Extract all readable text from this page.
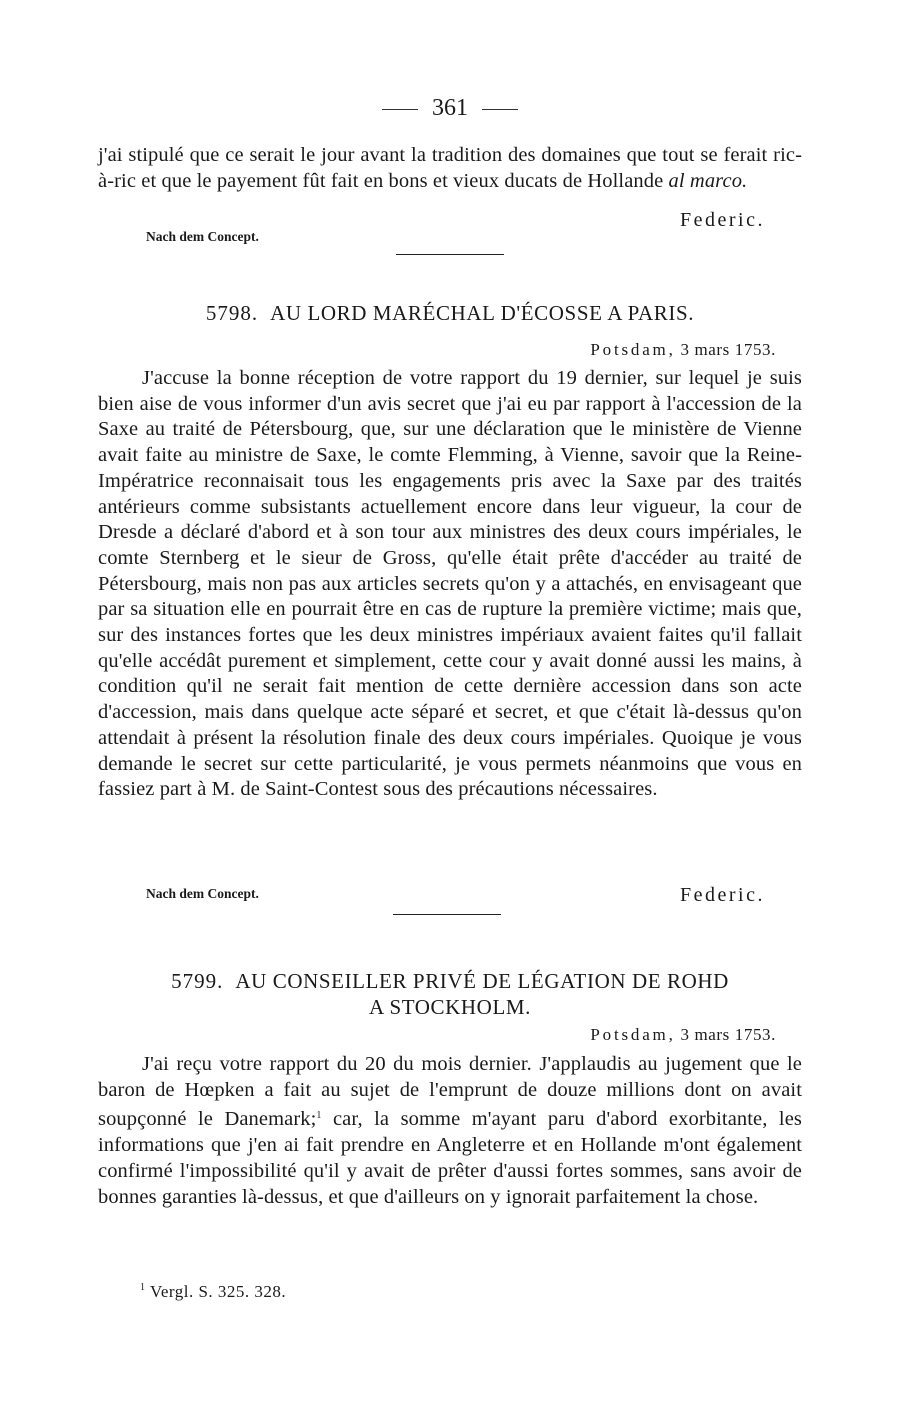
361

j'ai stipulé que ce serait le jour avant la tradition des domaines que tout se ferait ric-à-ric et que le payement fût fait en bons et vieux ducats de Hollande al marco.

Nach dem Concept.
Federic.
5798. AU LORD MARÉCHAL D'ÉCOSSE A PARIS.
Potsdam, 3 mars 1753.

J'accuse la bonne réception de votre rapport du 19 dernier, sur lequel je suis bien aise de vous informer d'un avis secret que j'ai eu par rapport à l'accession de la Saxe au traité de Pétersbourg, que, sur une déclaration que le ministère de Vienne avait faite au ministre de Saxe, le comte Flemming, à Vienne, savoir que la Reine-Impératrice reconnaisait tous les engagements pris avec la Saxe par des traités antérieurs comme subsistants actuellement encore dans leur vigueur, la cour de Dresde a déclaré d'abord et à son tour aux ministres des deux cours impériales, le comte Sternberg et le sieur de Gross, qu'elle était prête d'accéder au traité de Pétersbourg, mais non pas aux articles secrets qu'on y a attachés, en envisageant que par sa situation elle en pourrait être en cas de rupture la première victime; mais que, sur des instances fortes que les deux ministres impériaux avaient faites qu'il fallait qu'elle accédât purement et simplement, cette cour y avait donné aussi les mains, à condition qu'il ne serait fait mention de cette dernière accession dans son acte d'accession, mais dans quelque acte séparé et secret, et que c'était là-dessus qu'on attendait à présent la résolution finale des deux cours impériales. Quoique je vous demande le secret sur cette particularité, je vous permets néanmoins que vous en fassiez part à M. de Saint-Contest sous des précautions nécessaires.

Nach dem Concept.	Federic.
5799. AU CONSEILLER PRIVÉ DE LÉGATION DE ROHD
A STOCKHOLM.
Potsdam, 3 mars 1753.

J'ai reçu votre rapport du 20 du mois dernier. J'applaudis au jugement que le baron de Hœpken a fait au sujet de l'emprunt de douze millions dont on avait soupçonné le Danemark;$^1$ car, la somme m'ayant paru d'abord exorbitante, les informations que j'en ai fait prendre en Angleterre et en Hollande m'ont également confirmé l'impossibilité qu'il y avait de prêter d'aussi fortes sommes, sans avoir de bonnes garanties là-dessus, et que d'ailleurs on y ignorait parfaitement la chose.

$^1$ Vergl. S. 325. 328.
